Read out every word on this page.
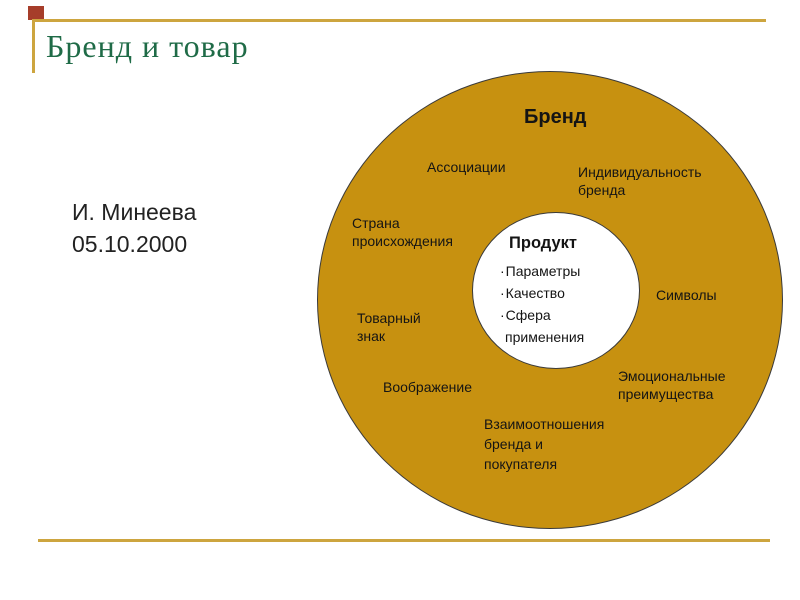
Бренд и товар
И. Минеева
05.10.2000
Бренд
Ассоциации	Индивидуальность бренда
Страна происхождения
Символы
Товарный знак
Воображение
Эмоциональные преимущества
Взаимоотношения бренда и покупателя
Продукт
·Параметры
·Качество
·Сфера применения
